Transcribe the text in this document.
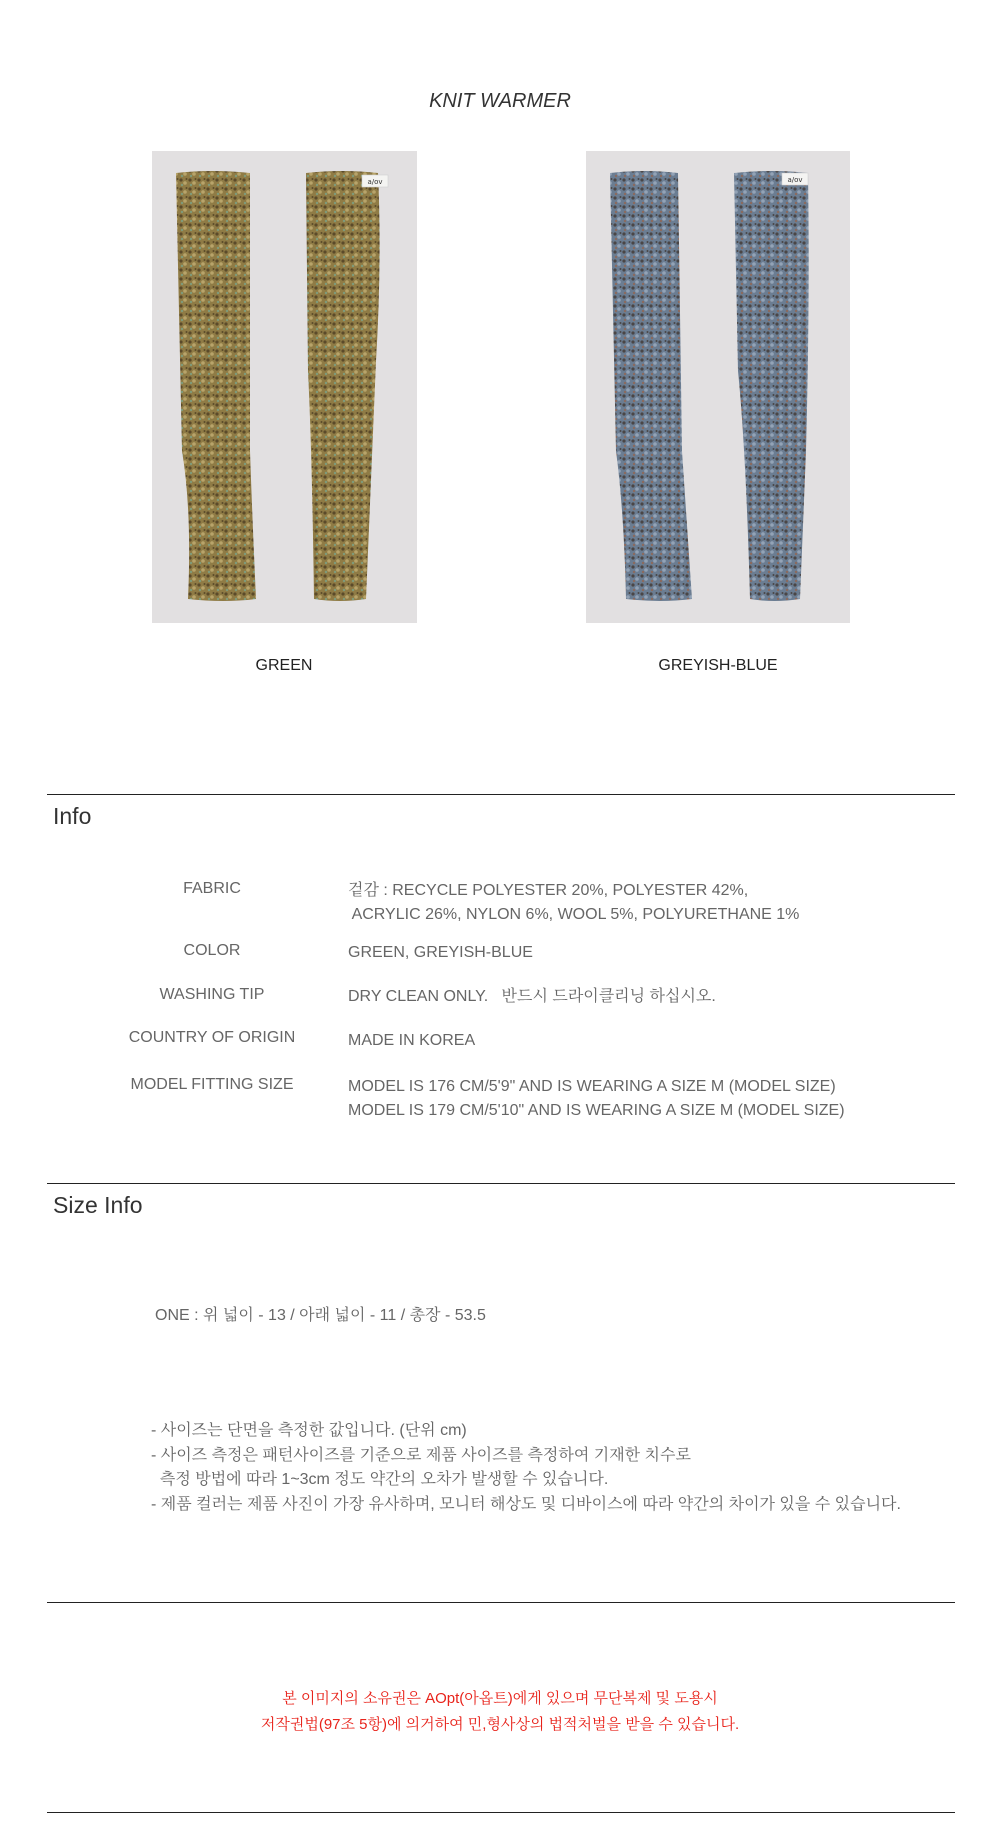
KNIT WARMER
a/ov	a/ov
GREEN	GREYISH-BLUE
Info
FABRIC	겉감 : RECYCLE POLYESTER 20%, POLYESTER 42%,
ACRYLIC 26%, NYLON 6%, WOOL 5%, POLYURETHANE 1%
COLOR	GREEN, GREYISH-BLUE
WASHING TIP	DRY CLEAN ONLY.   반드시 드라이클리닝 하십시오.
COUNTRY OF ORIGIN	MADE IN KOREA
MODEL FITTING SIZE	MODEL IS 176 CM/5'9" AND IS WEARING A SIZE M (MODEL SIZE)
MODEL IS 179 CM/5'10" AND IS WEARING A SIZE M (MODEL SIZE)
Size Info
ONE : 위 넓이 - 13 / 아래 넓이 - 11 / 총장 - 53.5
- 사이즈는 단면을 측정한 값입니다. (단위 cm)
- 사이즈 측정은 패턴사이즈를 기준으로 제품 사이즈를 측정하여 기재한 치수로
측정 방법에 따라 1~3cm 정도 약간의 오차가 발생할 수 있습니다.
- 제품 컬러는 제품 사진이 가장 유사하며, 모니터 해상도 및 디바이스에 따라 약간의 차이가 있을 수 있습니다.
본 이미지의 소유권은 AOpt(아옵트)에게 있으며 무단복제 및 도용시
저작권법(97조 5항)에 의거하여 민,형사상의 법적처벌을 받을 수 있습니다.
